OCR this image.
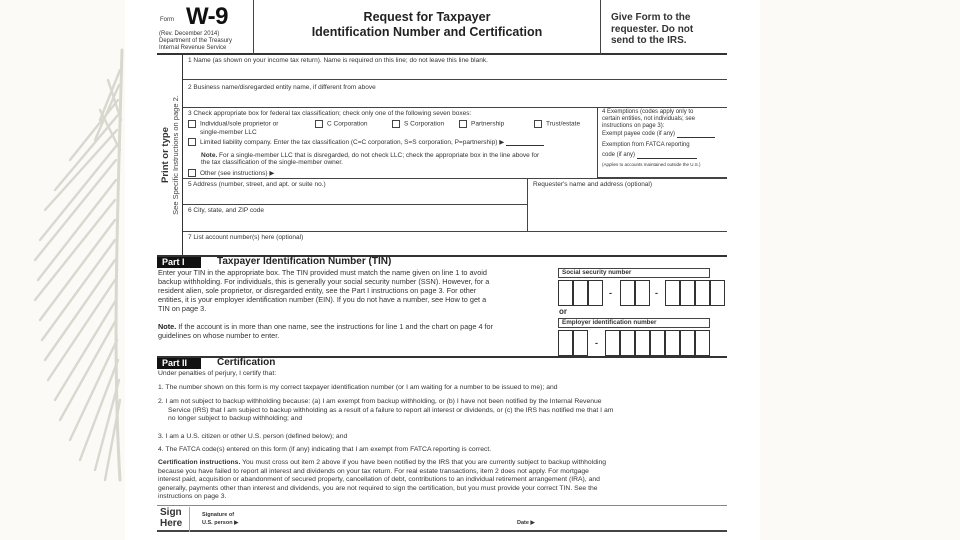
Form W-9
(Rev. December 2014)
Department of the Treasury
Internal Revenue Service
Request for Taxpayer
Identification Number and Certification
Give Form to the
requester. Do not
send to the IRS.
Print or type See Specific Instructions on page 2.
1 Name (as shown on your income tax return). Name is required on this line; do not leave this line blank.
2 Business name/disregarded entity name, if different from above
3 Check appropriate box for federal tax classification; check only one of the following seven boxes:
Individual/sole proprietor or
single-member LLC
C Corporation	S Corporation	Partnership	Trust/estate
Limited liability company. Enter the tax classification (C=C corporation, S=S corporation, P=partnership) ▶
Note. For a single-member LLC that is disregarded, do not check LLC; check the appropriate box in the line above for
the tax classification of the single-member owner.
Other (see instructions) ▶
4 Exemptions (codes apply only to
certain entities, not individuals; see
instructions on page 3):
Exempt payee code (if any)
Exemption from FATCA reporting
code (if any)
(Applies to accounts maintained outside the U.S.)
5 Address (number, street, and apt. or suite no.)
6 City, state, and ZIP code
Requester's name and address (optional)
7 List account number(s) here (optional)
Part I	Taxpayer Identification Number (TIN)
Enter your TIN in the appropriate box. The TIN provided must match the name given on line 1 to avoid
backup withholding. For individuals, this is generally your social security number (SSN). However, for a
resident alien, sole proprietor, or disregarded entity, see the Part I instructions on page 3. For other
entities, it is your employer identification number (EIN). If you do not have a number, see How to get a
TIN on page 3.
Note. If the account is in more than one name, see the instructions for line 1 and the chart on page 4 for
guidelines on whose number to enter.
Social security number
-	-
or
Employer identification number
-
Part II	Certification
Under penalties of perjury, I certify that:
1. The number shown on this form is my correct taxpayer identification number (or I am waiting for a number to be issued to me); and
2. I am not subject to backup withholding because: (a) I am exempt from backup withholding, or (b) I have not been notified by the Internal Revenue
Service (IRS) that I am subject to backup withholding as a result of a failure to report all interest or dividends, or (c) the IRS has notified me that I am
no longer subject to backup withholding; and
3. I am a U.S. citizen or other U.S. person (defined below); and
4. The FATCA code(s) entered on this form (if any) indicating that I am exempt from FATCA reporting is correct.
Certification instructions. You must cross out item 2 above if you have been notified by the IRS that you are currently subject to backup withholding
because you have failed to report all interest and dividends on your tax return. For real estate transactions, item 2 does not apply. For mortgage
interest paid, acquisition or abandonment of secured property, cancellation of debt, contributions to an individual retirement arrangement (IRA), and
generally, payments other than interest and dividends, you are not required to sign the certification, but you must provide your correct TIN. See the
instructions on page 3.
Sign
Here
Signature of
U.S. person ▶	Date ▶
